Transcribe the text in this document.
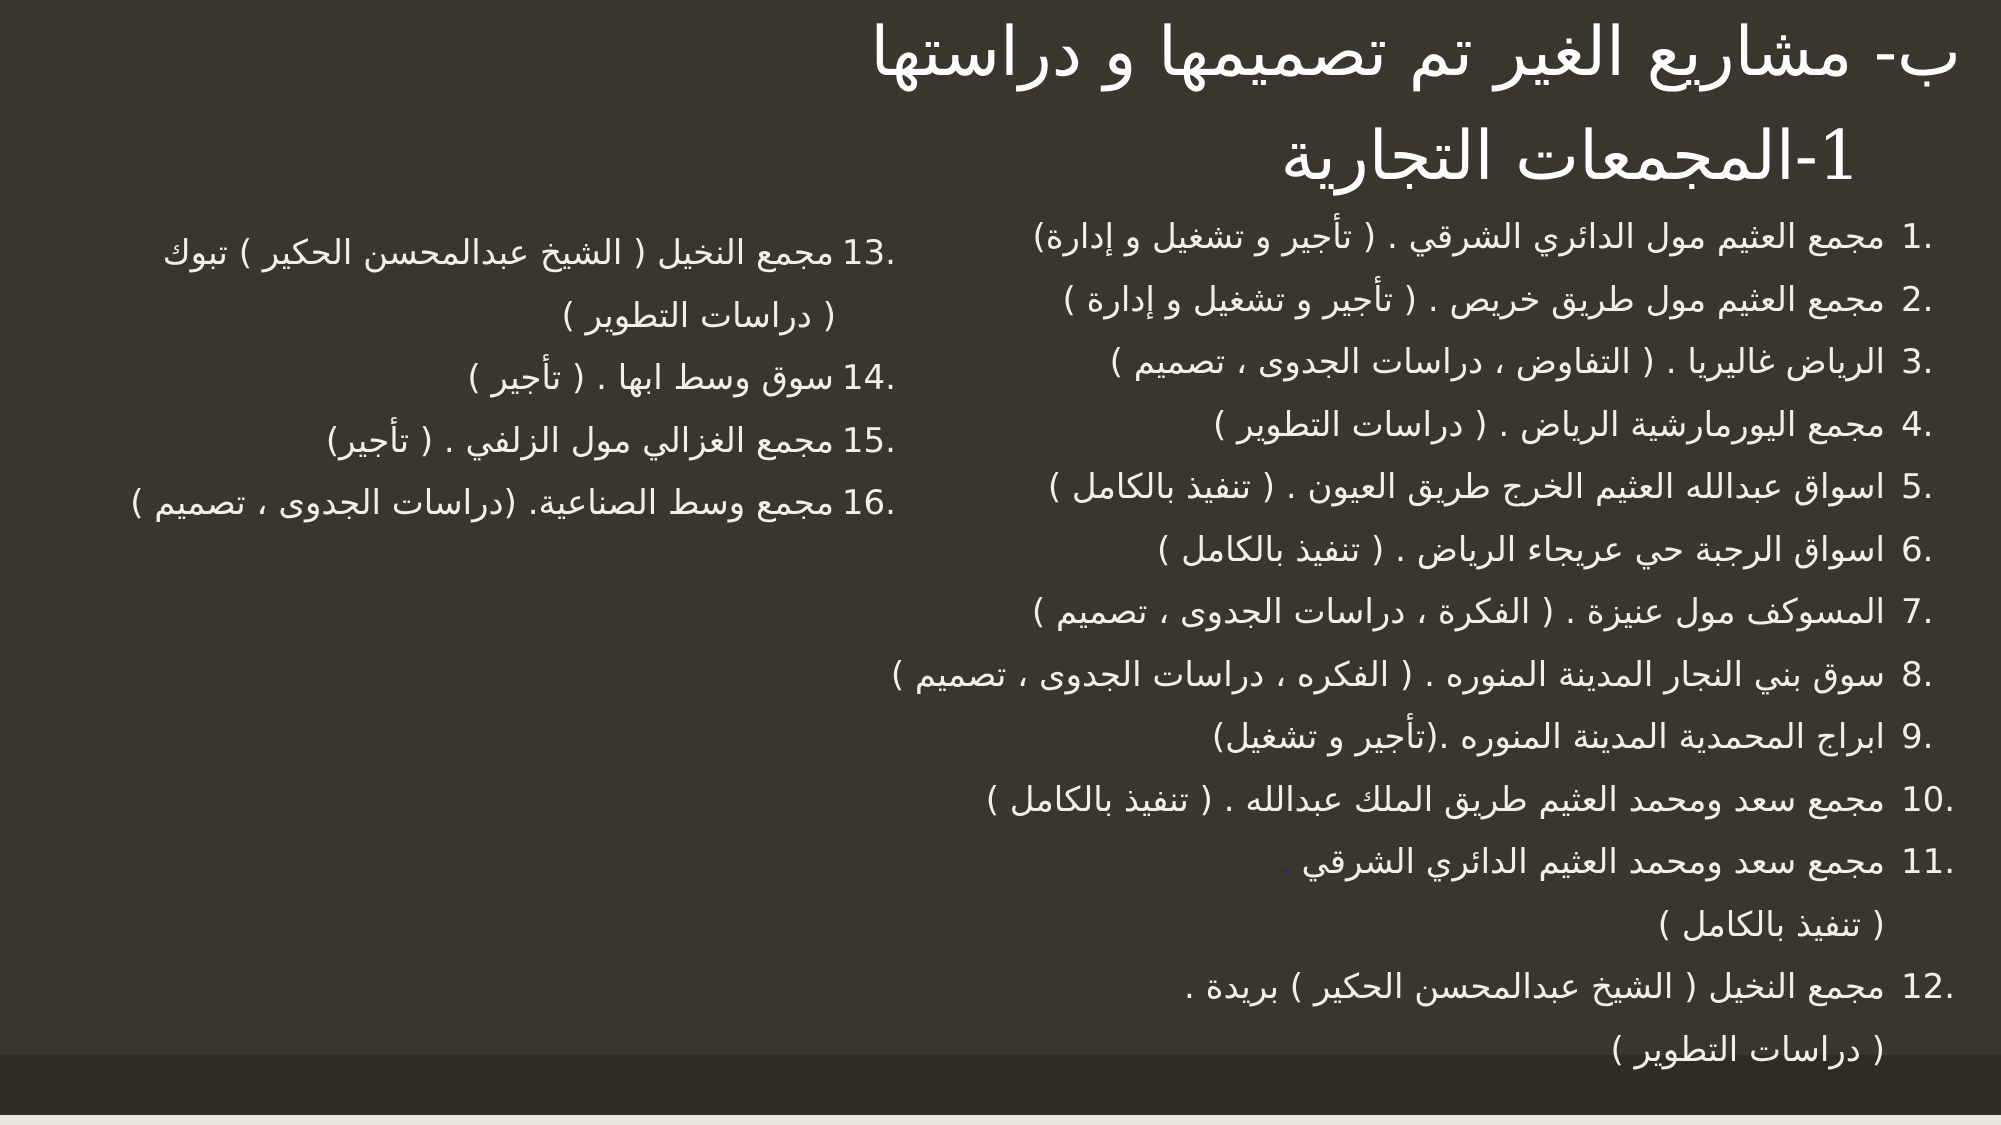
ب- مشاريع الغير تم تصميمها و دراستها
1-المجمعات التجارية
1.
مجمع العثيم مول الدائري الشرقي . ( تأجير و تشغيل و إدارة)
2.
مجمع العثيم مول طريق خريص . ( تأجير و تشغيل و إدارة )
3.
الرياض غاليريا . ( التفاوض ، دراسات الجدوى ، تصميم )
4.
مجمع اليورمارشية الرياض . ( دراسات التطوير )
5.
اسواق عبدالله العثيم الخرج طريق العيون . ( تنفيذ بالكامل )
6.
اسواق الرجبة حي عريجاء الرياض . ( تنفيذ بالكامل )
7.
المسوكف مول عنيزة . ( الفكرة ، دراسات الجدوى ، تصميم )
8.
سوق بني النجار المدينة المنوره . ( الفكره ، دراسات الجدوى ، تصميم )
9.
ابراج المحمدية المدينة المنوره .(تأجير و تشغيل)
10.
مجمع سعد ومحمد العثيم طريق الملك عبدالله . ( تنفيذ بالكامل )
11.
مجمع سعد ومحمد العثيم الدائري الشرقي .
( تنفيذ بالكامل )
12.
مجمع النخيل ( الشيخ عبدالمحسن الحكير ) بريدة .
( دراسات التطوير )
13.مجمع النخيل ( الشيخ عبدالمحسن الحكير ) تبوك
( دراسات التطوير )
14.سوق وسط ابها . ( تأجير )
15.مجمع الغزالي مول الزلفي . ( تأجير)
16.مجمع وسط الصناعية. (دراسات الجدوى ، تصميم )
